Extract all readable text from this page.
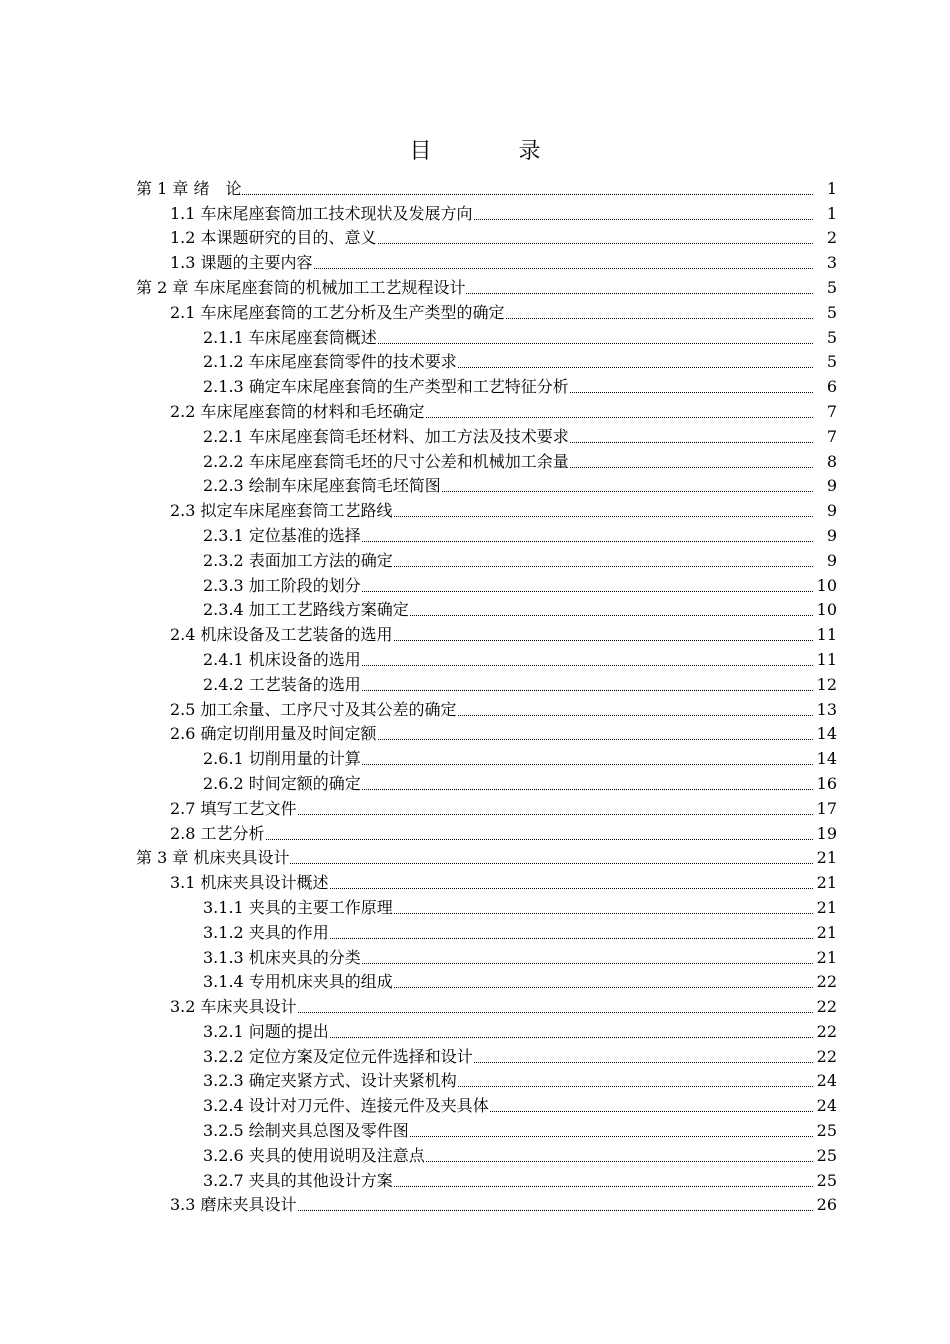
目 录
第 1 章 绪　论	1
1.1 车床尾座套筒加工技术现状及发展方向	1
1.2 本课题研究的目的、意义	2
1.3 课题的主要内容	3
第 2 章 车床尾座套筒的机械加工工艺规程设计	5
2.1 车床尾座套筒的工艺分析及生产类型的确定	5
2.1.1 车床尾座套筒概述	5
2.1.2 车床尾座套筒零件的技术要求	5
2.1.3 确定车床尾座套筒的生产类型和工艺特征分析	6
2.2 车床尾座套筒的材料和毛坯确定	7
2.2.1 车床尾座套筒毛坯材料、加工方法及技术要求	7
2.2.2 车床尾座套筒毛坯的尺寸公差和机械加工余量	8
2.2.3 绘制车床尾座套筒毛坯简图	9
2.3 拟定车床尾座套筒工艺路线	9
2.3.1 定位基准的选择	9
2.3.2 表面加工方法的确定	9
2.3.3 加工阶段的划分	10
2.3.4 加工工艺路线方案确定	10
2.4 机床设备及工艺装备的选用	11
2.4.1 机床设备的选用	11
2.4.2 工艺装备的选用	12
2.5 加工余量、工序尺寸及其公差的确定	13
2.6 确定切削用量及时间定额	14
2.6.1 切削用量的计算	14
2.6.2 时间定额的确定	16
2.7 填写工艺文件	17
2.8 工艺分析	19
第 3 章 机床夹具设计	21
3.1 机床夹具设计概述	21
3.1.1 夹具的主要工作原理	21
3.1.2 夹具的作用	21
3.1.3 机床夹具的分类	21
3.1.4 专用机床夹具的组成	22
3.2 车床夹具设计	22
3.2.1 问题的提出	22
3.2.2 定位方案及定位元件选择和设计	22
3.2.3 确定夹紧方式、设计夹紧机构	24
3.2.4 设计对刀元件、连接元件及夹具体	24
3.2.5 绘制夹具总图及零件图	25
3.2.6 夹具的使用说明及注意点	25
3.2.7 夹具的其他设计方案	25
3.3 磨床夹具设计	26
